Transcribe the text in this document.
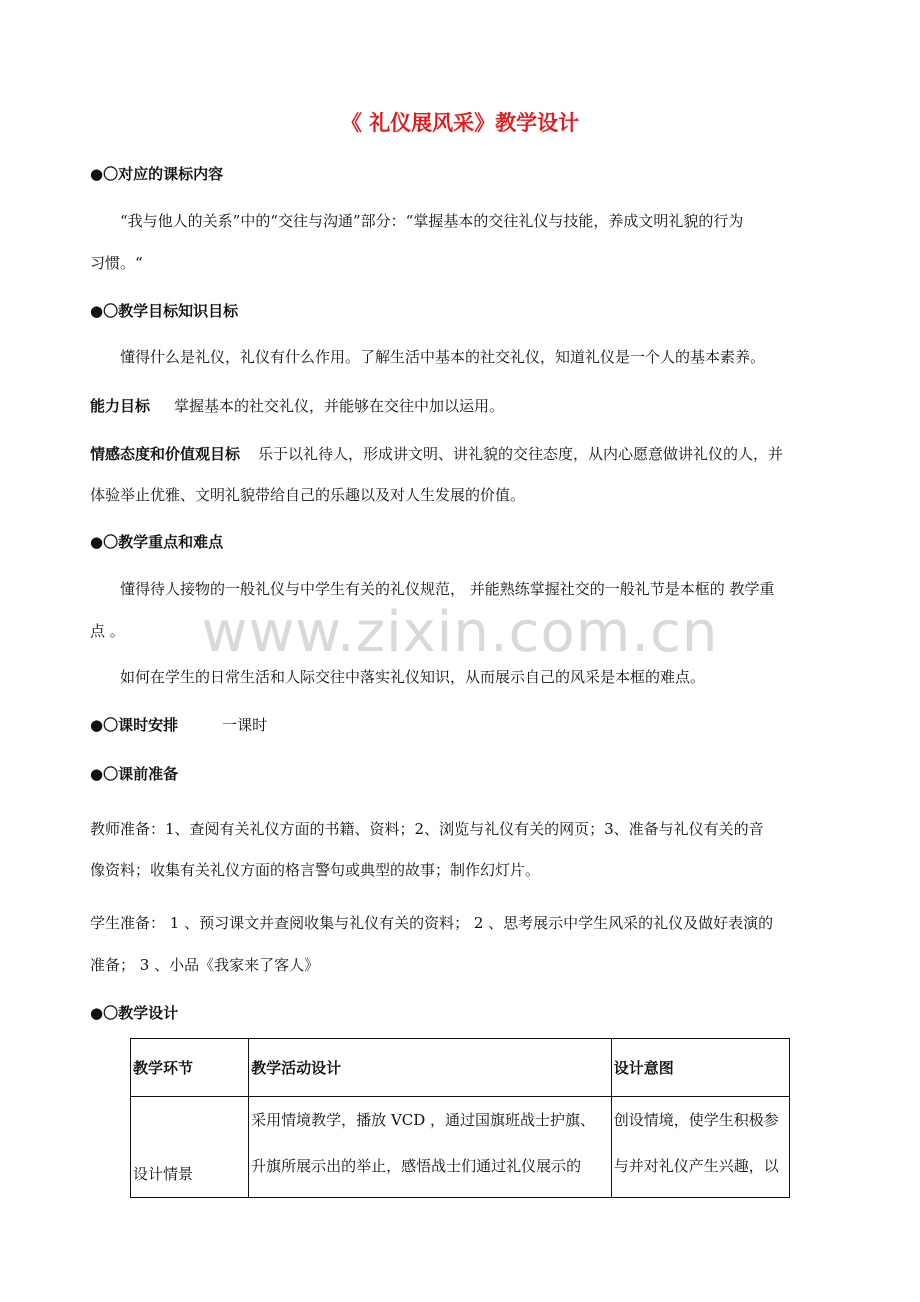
《 礼仪展风采》教学设计
●〇对应的课标内容
“我与他人的关系”中的“交往与沟通”部分：“掌握基本的交往礼仪与技能，养成文明礼貌的行为
习惯。“
●〇教学目标知识目标
懂得什么是礼仪，礼仪有什么作用。了解生活中基本的社交礼仪，知道礼仪是一个人的基本素养。
能力目标 掌握基本的社交礼仪，并能够在交往中加以运用。
情感态度和价值观目标 乐于以礼待人，形成讲文明、讲礼貌的交往态度，从内心愿意做讲礼仪的人，并
体验举止优雅、文明礼貌带给自己的乐趣以及对人生发展的价值。
●〇教学重点和难点
懂得待人接物的一般礼仪与中学生有关的礼仪规范， 并能熟练掌握社交的一般礼节是本框的 教学重
点 。
如何在学生的日常生活和人际交往中落实礼仪知识，从而展示自己的风采是本框的难点。
●〇课时安排	一课时
●〇课前准备
教师准备：1、查阅有关礼仪方面的书籍、资料；2、浏览与礼仪有关的网页；3、准备与礼仪有关的音
像资料；收集有关礼仪方面的格言警句或典型的故事；制作幻灯片。
学生准备： 1 、预习课文并查阅收集与礼仪有关的资料； 2 、思考展示中学生风采的礼仪及做好表演的
准备； 3 、小品《我家来了客人》
●〇教学设计
教学环节	教学活动设计	设计意图

设计情景	采用情境教学，播放 VCD ，通过国旗班战士护旗、
升旗所展示出的举止，感悟战士们通过礼仪展示的	创设情境，使学生积极参
与并对礼仪产生兴趣，以
www.zixin.com.cn
